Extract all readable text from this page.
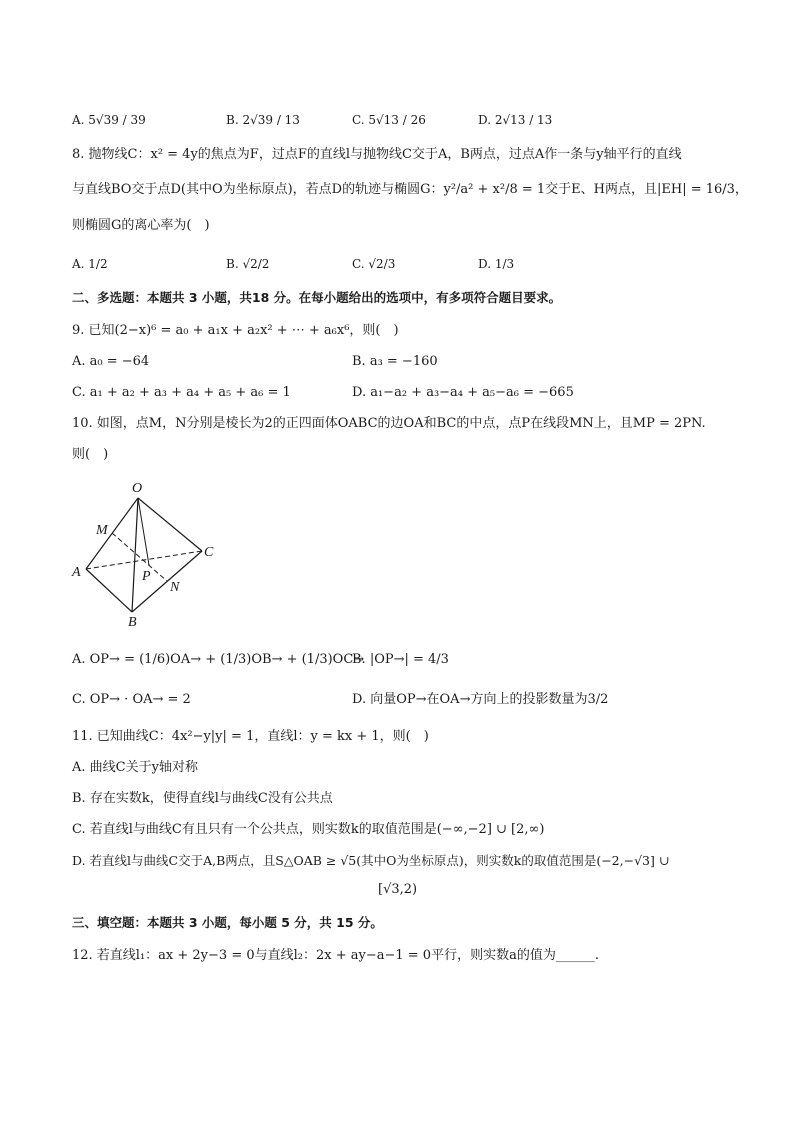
A. 5√39 / 39	B. 2√39 / 13	C. 5√13 / 26	D. 2√13 / 13
8. 抛物线C：x² = 4y的焦点为F，过点F的直线l与抛物线C交于A，B两点，过点A作一条与y轴平行的直线
与直线BO交于点D(其中O为坐标原点)，若点D的轨迹与椭圆G：y²/a² + x²/8 = 1交于E、H两点，且|EH| = 16/3，
则椭圆G的离心率为(　)
A. 1/2	B. √2/2	C. √2/3	D. 1/3
二、多选题：本题共 3 小题，共18 分。在每小题给出的选项中，有多项符合题目要求。
9. 已知(2−x)⁶ = a₀ + a₁x + a₂x² + ⋯ + a₆x⁶，则(　)
A. a₀ = −64	B. a₃ = −160
C. a₁ + a₂ + a₃ + a₄ + a₅ + a₆ = 1	D. a₁−a₂ + a₃−a₄ + a₅−a₆ = −665
10. 如图，点M，N分别是棱长为2的正四面体OABC的边OA和BC的中点，点P在线段MN上，且MP = 2PN.
则(　)
O
M
C
A	P
N
B
A. OP→ = (1/6)OA→ + (1/3)OB→ + (1/3)OC→
B. |OP→| = 4/3
C. OP→ · OA→ = 2	D. 向量OP→在OA→方向上的投影数量为3/2
11. 已知曲线C：4x²−y|y| = 1，直线l：y = kx + 1，则(　)
A. 曲线C关于y轴对称
B. 存在实数k，使得直线l与曲线C没有公共点
C. 若直线l与曲线C有且只有一个公共点，则实数k的取值范围是(−∞,−2] ∪ [2,∞)
D. 若直线l与曲线C交于A,B两点，且S△OAB ≥ √5(其中O为坐标原点)，则实数k的取值范围是(−2,−√3] ∪
[√3,2)
三、填空题：本题共 3 小题，每小题 5 分，共 15 分。
12. 若直线l₁：ax + 2y−3 = 0与直线l₂：2x + ay−a−1 = 0平行，则实数a的值为______.
